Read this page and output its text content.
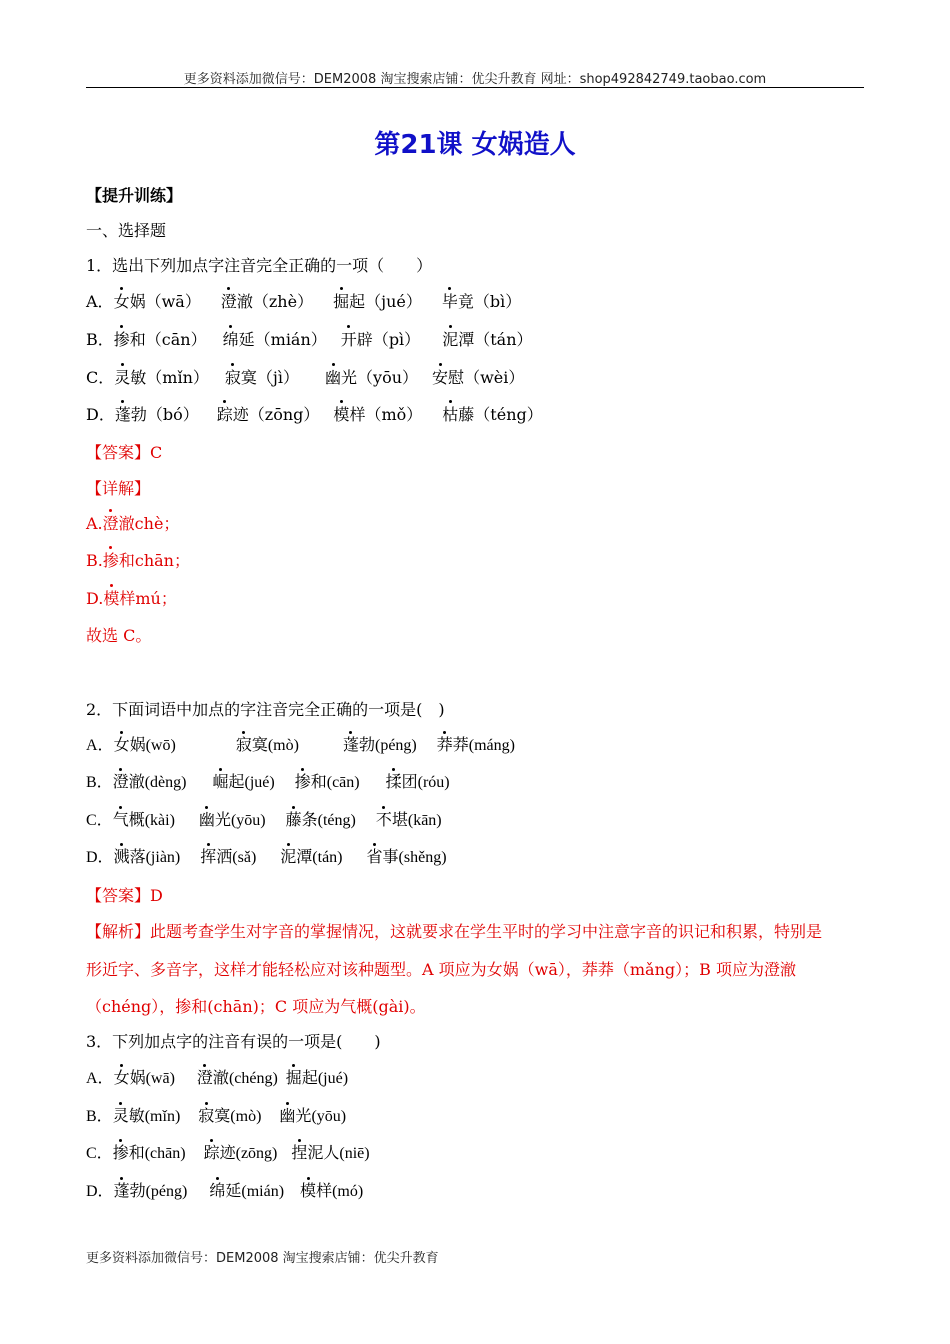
更多资料添加微信号：DEM2008 淘宝搜索店铺：优尖升教育 网址：shop492842749.taobao.com
第21课 女娲造人
【提升训练】
一、选择题
1．选出下列加点字注音完全正确的一项（　　）
A．女娲（wā） 澄澈（zhè） 掘起（jué） 毕竟（bì）
B．掺和（cān） 绵延（mián） 开辟（pì） 泥潭（tán）
C．灵敏（mǐn） 寂寞（jì） 幽光（yōu） 安慰（wèi）
D．蓬勃（bó） 踪迹（zōng） 模样（mǒ） 枯藤（téng）
【答案】C
【详解】
A.澄澈chè；
B.掺和chān；
D.模样mú；
故选 C。
2．下面词语中加点的字注音完全正确的一项是(　)
A．女娲(wō)	寂寞(mò)	蓬勃(péng) 莽莽(máng)
B．澄澈(dèng) 崛起(jué) 掺和(cān) 揉团(róu)
C．气概(kài) 幽光(yōu) 藤条(téng) 不堪(kān)
D．溅落(jiàn) 挥洒(sǎ) 泥潭(tán) 省事(shěng)
【答案】D
【解析】此题考查学生对字音的掌握情况，这就要求在学生平时的学习中注意字音的识记和积累，特别是
形近字、多音字，这样才能轻松应对该种题型。A 项应为女娲（wā），莽莽（mǎng）；B 项应为澄澈
（chéng），掺和(chān)；C 项应为气概(gài)。
3．下列加点字的注音有误的一项是(　　)
A．女娲(wā) 澄澈(chéng) 掘起(jué)
B．灵敏(mǐn) 寂寞(mò) 幽光(yōu)
C．掺和(chān) 踪迹(zōng) 捏泥人(niē)
D．蓬勃(péng) 绵延(mián) 模样(mó)
更多资料添加微信号：DEM2008 淘宝搜索店铺：优尖升教育
